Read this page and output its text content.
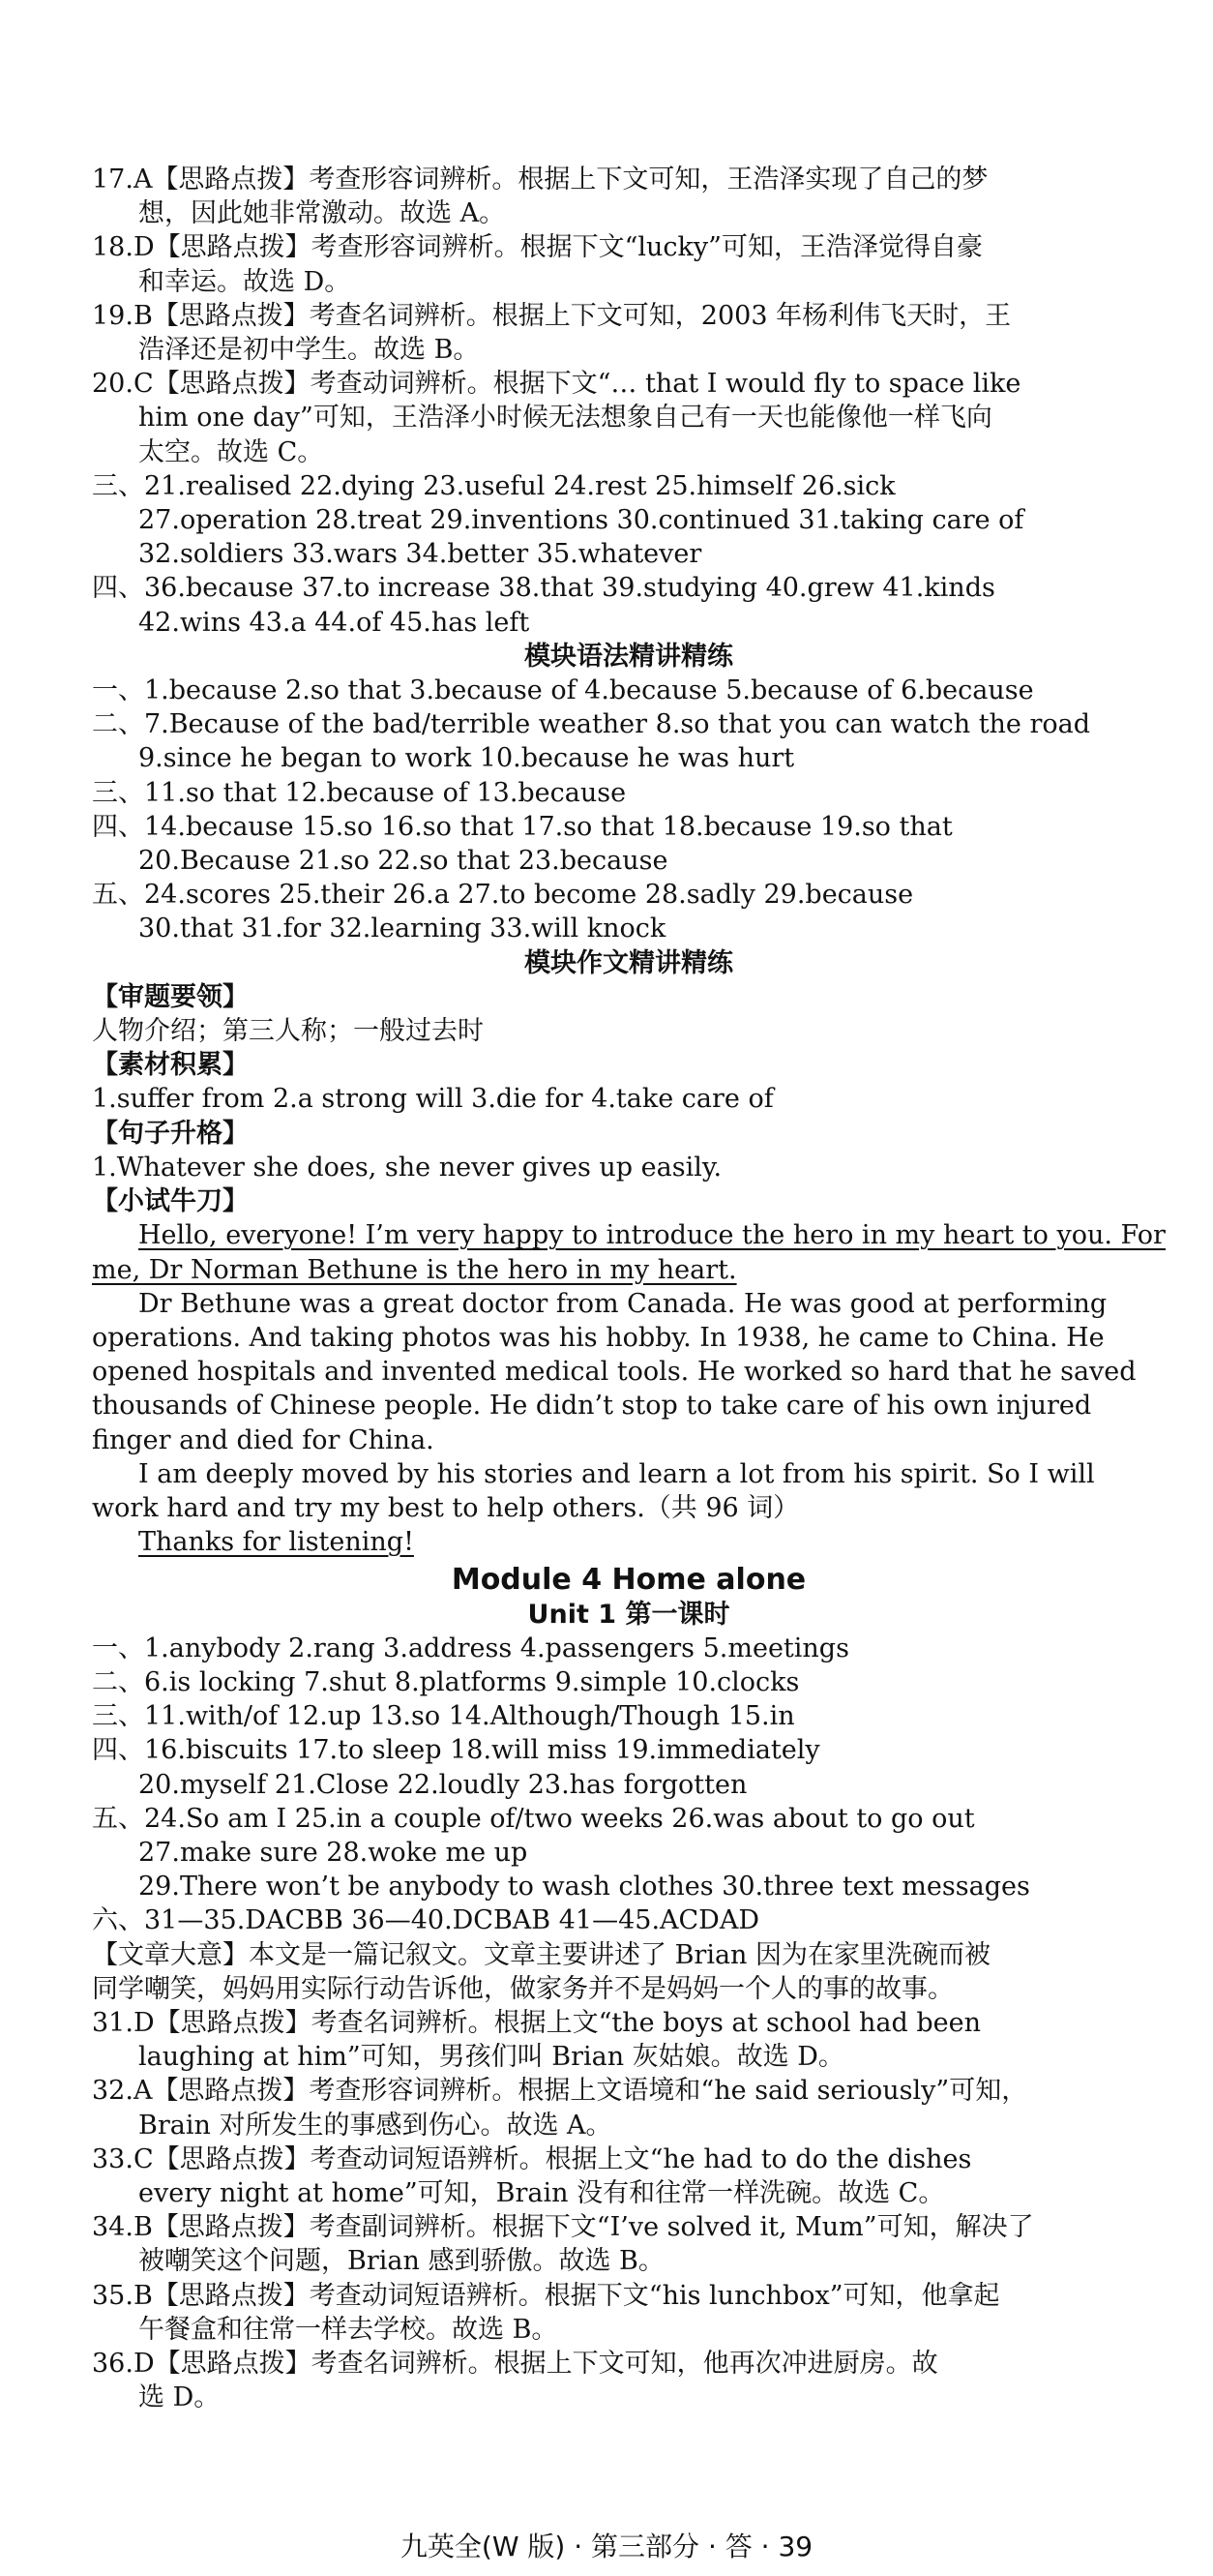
17.A【思路点拨】考查形容词辨析。根据上下文可知，王浩泽实现了自己的梦
想，因此她非常激动。故选 A。
18.D【思路点拨】考查形容词辨析。根据下文“lucky”可知，王浩泽觉得自豪
和幸运。故选 D。
19.B【思路点拨】考查名词辨析。根据上下文可知，2003 年杨利伟飞天时，王
浩泽还是初中学生。故选 B。
20.C【思路点拨】考查动词辨析。根据下文“… that I would fly to space like
him one day”可知，王浩泽小时候无法想象自己有一天也能像他一样飞向
太空。故选 C。
三、21.realised 22.dying 23.useful 24.rest 25.himself 26.sick
27.operation 28.treat 29.inventions 30.continued 31.taking care of
32.soldiers 33.wars 34.better 35.whatever
四、36.because 37.to increase 38.that 39.studying 40.grew 41.kinds
42.wins 43.a 44.of 45.has left
模块语法精讲精练
一、1.because 2.so that 3.because of 4.because 5.because of 6.because
二、7.Because of the bad/terrible weather 8.so that you can watch the road
9.since he began to work 10.because he was hurt
三、11.so that 12.because of 13.because
四、14.because 15.so 16.so that 17.so that 18.because 19.so that
20.Because 21.so 22.so that 23.because
五、24.scores 25.their 26.a 27.to become 28.sadly 29.because
30.that 31.for 32.learning 33.will knock
模块作文精讲精练
【审题要领】
人物介绍；第三人称；一般过去时
【素材积累】
1.suffer from 2.a strong will 3.die for 4.take care of
【句子升格】
1.Whatever she does, she never gives up easily.
【小试牛刀】
Hello, everyone! I’m very happy to introduce the hero in my heart to you. For me, Dr Norman Bethune is the hero in my heart.
Dr Bethune was a great doctor from Canada. He was good at performing operations. And taking photos was his hobby. In 1938, he came to China. He opened hospitals and invented medical tools. He worked so hard that he saved thousands of Chinese people. He didn’t stop to take care of his own injured finger and died for China.
I am deeply moved by his stories and learn a lot from his spirit. So I will work hard and try my best to help others.（共 96 词）
Thanks for listening!
Module 4 Home alone
Unit 1 第一课时
一、1.anybody 2.rang 3.address 4.passengers 5.meetings
二、6.is locking 7.shut 8.platforms 9.simple 10.clocks
三、11.with/of 12.up 13.so 14.Although/Though 15.in
四、16.biscuits 17.to sleep 18.will miss 19.immediately
20.myself 21.Close 22.loudly 23.has forgotten
五、24.So am I 25.in a couple of/two weeks 26.was about to go out
27.make sure 28.woke me up
29.There won’t be anybody to wash clothes 30.three text messages
六、31—35.DACBB 36—40.DCBAB 41—45.ACDAD
【文章大意】本文是一篇记叙文。文章主要讲述了 Brian 因为在家里洗碗而被
同学嘲笑，妈妈用实际行动告诉他，做家务并不是妈妈一个人的事的故事。
31.D【思路点拨】考查名词辨析。根据上文“the boys at school had been
laughing at him”可知，男孩们叫 Brian 灰姑娘。故选 D。
32.A【思路点拨】考查形容词辨析。根据上文语境和“he said seriously”可知，
Brain 对所发生的事感到伤心。故选 A。
33.C【思路点拨】考查动词短语辨析。根据上文“he had to do the dishes
every night at home”可知，Brain 没有和往常一样洗碗。故选 C。
34.B【思路点拨】考查副词辨析。根据下文“I’ve solved it, Mum”可知，解决了
被嘲笑这个问题，Brian 感到骄傲。故选 B。
35.B【思路点拨】考查动词短语辨析。根据下文“his lunchbox”可知，他拿起
午餐盒和往常一样去学校。故选 B。
36.D【思路点拨】考查名词辨析。根据上下文可知，他再次冲进厨房。故
选 D。
九英全(W 版) · 第三部分 · 答 · 39
